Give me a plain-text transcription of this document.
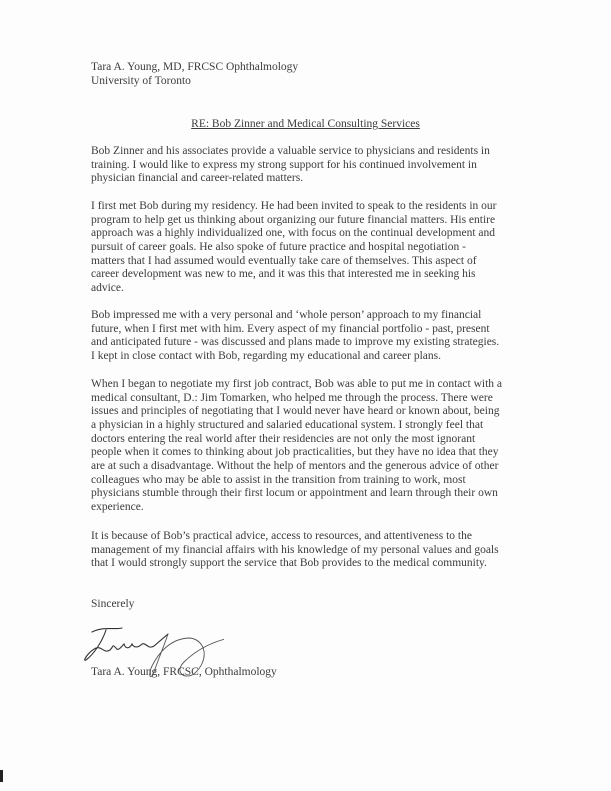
Tara A. Young, MD, FRCSC Ophthalmology
University of Toronto
RE: Bob Zinner and Medical Consulting Services
Bob Zinner and his associates provide a valuable service to physicians and residents in
training. I would like to express my strong support for his continued involvement in
physician financial and career-related matters.
I first met Bob during my residency. He had been invited to speak to the residents in our
program to help get us thinking about organizing our future financial matters. His entire
approach was a highly individualized one, with focus on the continual development and
pursuit of career goals. He also spoke of future practice and hospital negotiation -
matters that I had assumed would eventually take care of themselves. This aspect of
career development was new to me, and it was this that interested me in seeking his
advice.
Bob impressed me with a very personal and ‘whole person’ approach to my financial
future, when I first met with him. Every aspect of my financial portfolio - past, present
and anticipated future - was discussed and plans made to improve my existing strategies.
I kept in close contact with Bob, regarding my educational and career plans.
When I began to negotiate my first job contract, Bob was able to put me in contact with a
medical consultant, D.: Jim Tomarken, who helped me through the process. There were
issues and principles of negotiating that I would never have heard or known about, being
a physician in a highly structured and salaried educational system. I strongly feel that
doctors entering the real world after their residencies are not only the most ignorant
people when it comes to thinking about job practicalities, but they have no idea that they
are at such a disadvantage. Without the help of mentors and the generous advice of other
colleagues who may be able to assist in the transition from training to work, most
physicians stumble through their first locum or appointment and learn through their own
experience.
It is because of Bob’s practical advice, access to resources, and attentiveness to the
management of my financial affairs with his knowledge of my personal values and goals
that I would strongly support the service that Bob provides to the medical community.
Sincerely
Tara A. Young, FRCSC, Ophthalmology
